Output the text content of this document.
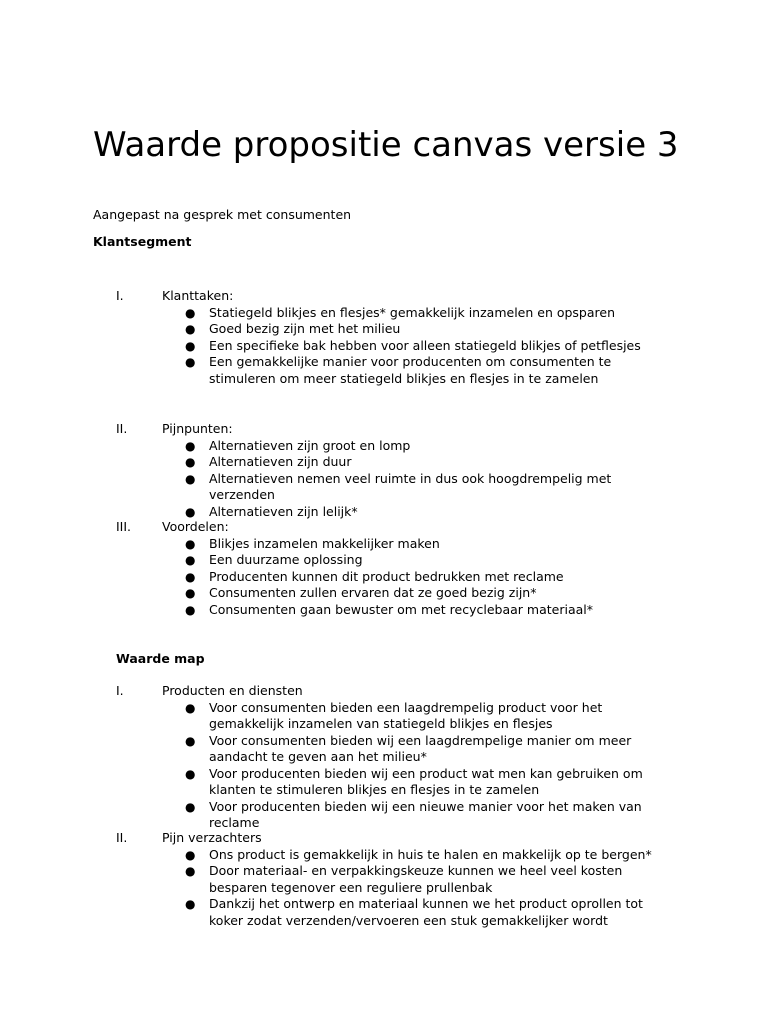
Waarde propositie canvas versie 3

Aangepast na gesprek met consumenten

Klantsegment

I.	Klanttaken:
● Statiegeld blikjes en flesjes* gemakkelijk inzamelen en opsparen
● Goed bezig zijn met het milieu
● Een specifieke bak hebben voor alleen statiegeld blikjes of petflesjes
● Een gemakkelijke manier voor producenten om consumenten te stimuleren om meer statiegeld blikjes en flesjes in te zamelen
II.	Pijnpunten:
● Alternatieven zijn groot en lomp
● Alternatieven zijn duur
● Alternatieven nemen veel ruimte in dus ook hoogdrempelig met verzenden
● Alternatieven zijn lelijk*
III. Voordelen:
● Blikjes inzamelen makkelijker maken
● Een duurzame oplossing
● Producenten kunnen dit product bedrukken met reclame
● Consumenten zullen ervaren dat ze goed bezig zijn*
● Consumenten gaan bewuster om met recyclebaar materiaal*

Waarde map

I.	Producten en diensten
● Voor consumenten bieden een laagdrempelig product voor het gemakkelijk inzamelen van statiegeld blikjes en flesjes
● Voor consumenten bieden wij een laagdrempelige manier om meer aandacht te geven aan het milieu*
● Voor producenten bieden wij een product wat men kan gebruiken om klanten te stimuleren blikjes en flesjes in te zamelen
● Voor producenten bieden wij een nieuwe manier voor het maken van reclame
II.	Pijn verzachters
● Ons product is gemakkelijk in huis te halen en makkelijk op te bergen*
● Door materiaal- en verpakkingskeuze kunnen we heel veel kosten besparen tegenover een reguliere prullenbak
● Dankzij het ontwerp en materiaal kunnen we het product oprollen tot koker zodat verzenden/vervoeren een stuk gemakkelijker wordt
